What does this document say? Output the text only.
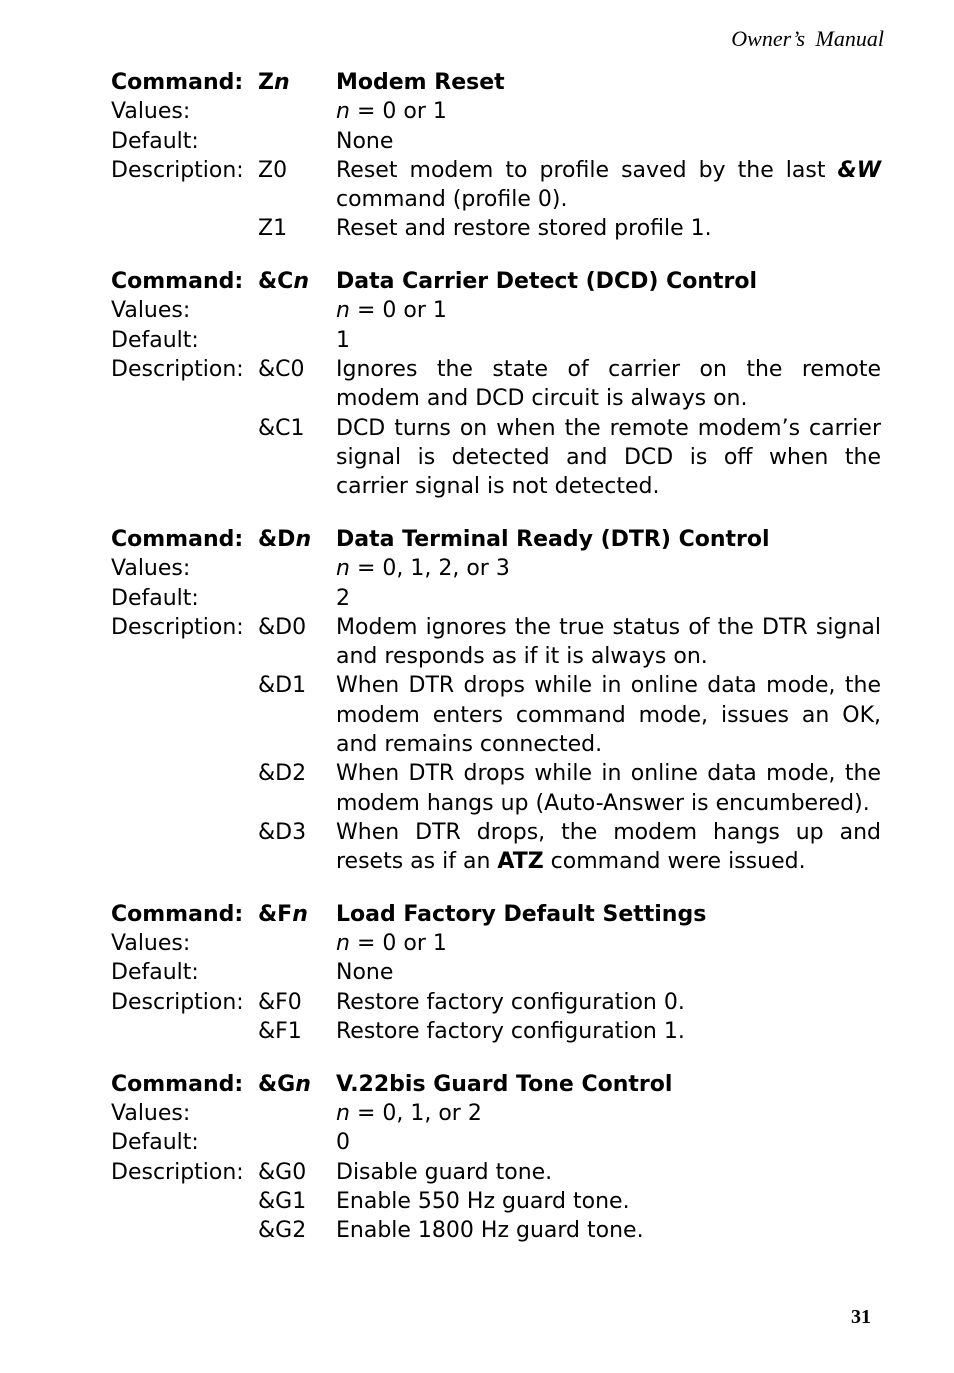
Owner’s Manual
Command: Zn	Modem Reset
Values:	n = 0 or 1
Default:	None
Description: Z0	Reset modem to profile saved by the last &W command (profile 0).
Z1	Reset and restore stored profile 1.
Command: &Cn	Data Carrier Detect (DCD) Control
Values:	n = 0 or 1
Default:	1
Description: &C0	Ignores the state of carrier on the remote modem and DCD circuit is always on.
&C1	DCD turns on when the remote modem’s carrier signal is detected and DCD is off when the carrier signal is not detected.
Command: &Dn	Data Terminal Ready (DTR) Control
Values:	n = 0, 1, 2, or 3
Default:	2
Description: &D0	Modem ignores the true status of the DTR signal and responds as if it is always on.
&D1	When DTR drops while in online data mode, the modem enters command mode, issues an OK, and remains connected.
&D2	When DTR drops while in online data mode, the modem hangs up (Auto-Answer is encumbered).
&D3	When DTR drops, the modem hangs up and resets as if an ATZ command were issued.
Command: &Fn	Load Factory Default Settings
Values:	n = 0 or 1
Default:	None
Description: &F0	Restore factory configuration 0.
&F1	Restore factory configuration 1.
Command: &Gn	V.22bis Guard Tone Control
Values:	n = 0, 1, or 2
Default:	0
Description: &G0	Disable guard tone.
&G1	Enable 550 Hz guard tone.
&G2	Enable 1800 Hz guard tone.
31
